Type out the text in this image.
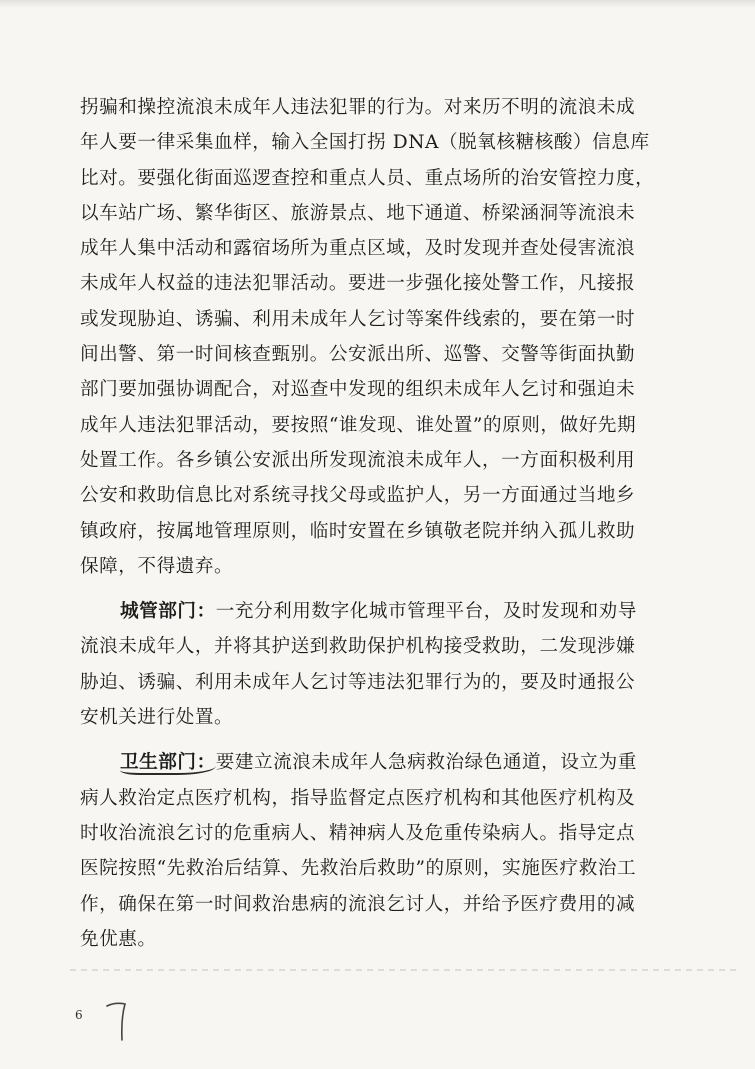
拐骗和操控流浪未成年人违法犯罪的行为。对来历不明的流浪未成
年人要一律采集血样，输入全国打拐 DNA（脱氧核糖核酸）信息库
比对。要强化街面巡逻查控和重点人员、重点场所的治安管控力度，
以车站广场、繁华街区、旅游景点、地下通道、桥梁涵洞等流浪未
成年人集中活动和露宿场所为重点区域，及时发现并查处侵害流浪
未成年人权益的违法犯罪活动。要进一步强化接处警工作，凡接报
或发现胁迫、诱骗、利用未成年人乞讨等案件线索的，要在第一时
间出警、第一时间核查甄别。公安派出所、巡警、交警等街面执勤
部门要加强协调配合，对巡查中发现的组织未成年人乞讨和强迫未
成年人违法犯罪活动，要按照“谁发现、谁处置”的原则，做好先期
处置工作。各乡镇公安派出所发现流浪未成年人，一方面积极利用
公安和救助信息比对系统寻找父母或监护人，另一方面通过当地乡
镇政府，按属地管理原则，临时安置在乡镇敬老院并纳入孤儿救助
保障，不得遗弃。
城管部门：一充分利用数字化城市管理平台，及时发现和劝导
流浪未成年人，并将其护送到救助保护机构接受救助，二发现涉嫌
胁迫、诱骗、利用未成年人乞讨等违法犯罪行为的，要及时通报公
安机关进行处置。
卫生部门：要建立流浪未成年人急病救治绿色通道，设立为重
病人救治定点医疗机构，指导监督定点医疗机构和其他医疗机构及
时收治流浪乞讨的危重病人、精神病人及危重传染病人。指导定点
医院按照“先救治后结算、先救治后救助”的原则，实施医疗救治工
作，确保在第一时间救治患病的流浪乞讨人，并给予医疗费用的减
免优惠。
6
